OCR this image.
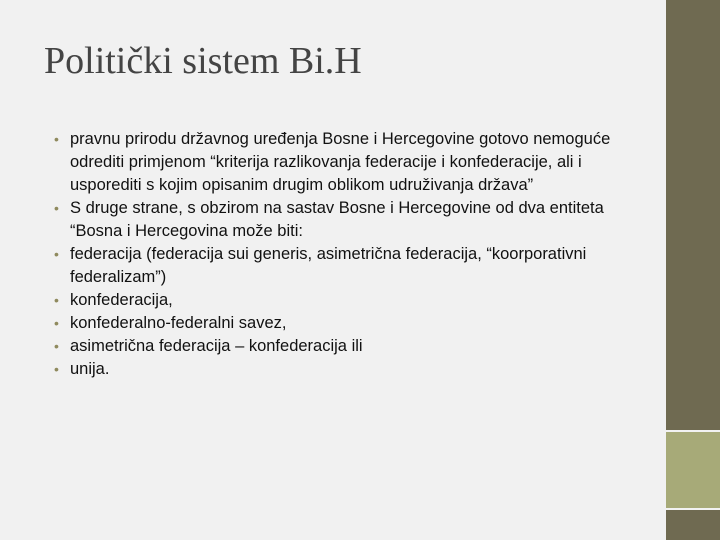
Politički sistem Bi.H
• pravnu prirodu državnog uređenja Bosne i Hercegovine gotovo nemoguće odrediti primjenom “kriterija razlikovanja federacije i konfederacije, ali i usporediti s kojim opisanim drugim oblikom udruživanja država”
• S druge strane, s obzirom na sastav Bosne i Hercegovine od dva entiteta “Bosna i Hercegovina može biti:
• federacija (federacija sui generis, asimetrična federacija, “koorporativni federalizam”)
• konfederacija,
• konfederalno-federalni savez,
• asimetrična federacija – konfederacija ili
• unija.
